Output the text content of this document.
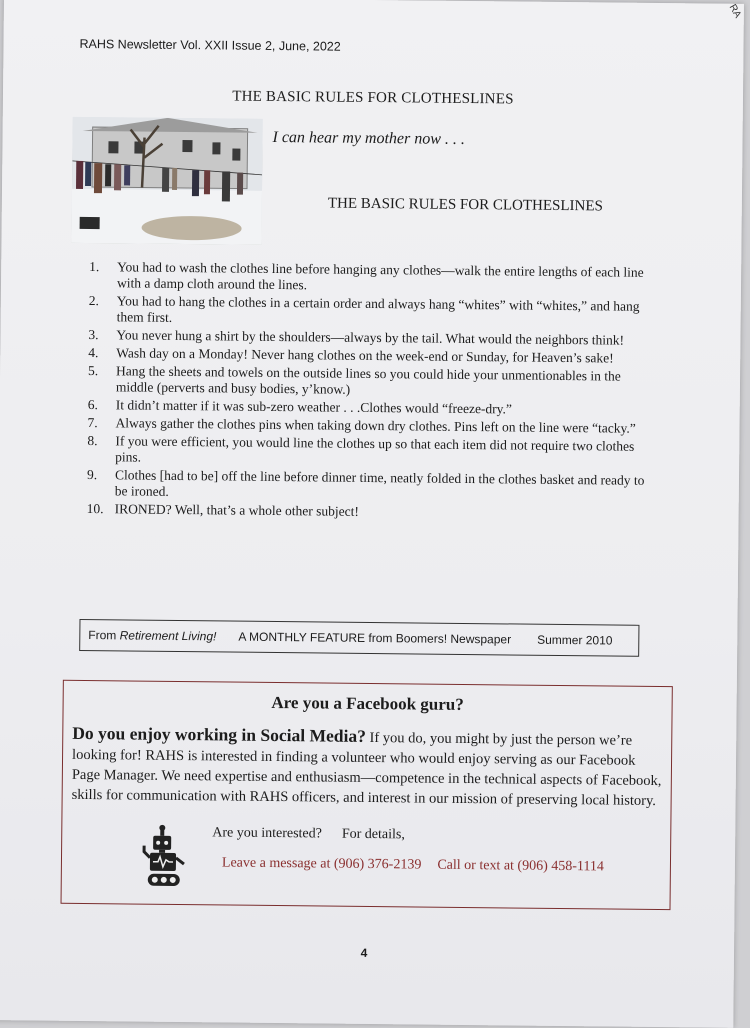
RA
RAHS Newsletter Vol. XXII Issue 2, June, 2022
THE BASIC RULES FOR CLOTHESLINES
I can hear my mother now . . .
THE BASIC RULES FOR CLOTHESLINES
1.	You had to wash the clothes line before hanging any clothes—walk the entire lengths of each line with a damp cloth around the lines.
2.	You had to hang the clothes in a certain order and always hang “whites” with “whites,” and hang them first.
3.	You never hung a shirt by the shoulders—always by the tail. What would the neighbors think!
4.	Wash day on a Monday! Never hang clothes on the week-end or Sunday, for Heaven’s sake!
5.	Hang the sheets and towels on the outside lines so you could hide your unmentionables in the middle (perverts and busy bodies, y’know.)
6.	It didn’t matter if it was sub-zero weather . . .Clothes would “freeze-dry.”
7.	Always gather the clothes pins when taking down dry clothes. Pins left on the line were “tacky.”
8.	If you were efficient, you would line the clothes up so that each item did not require two clothes pins.
9.	Clothes [had to be] off the line before dinner time, neatly folded in the clothes basket and ready to be ironed.
10. IRONED? Well, that’s a whole other subject!
From Retirement Living! A MONTHLY FEATURE from Boomers! Newspaper Summer 2010
Are you a Facebook guru?
Do you enjoy working in Social Media? If you do, you might by just the person we’re looking for! RAHS is interested in finding a volunteer who would enjoy serving as our Facebook Page Manager. We need expertise and enthusiasm—competence in the technical aspects of Facebook, skills for communication with RAHS officers, and interest in our mission of preserving local history.
Are you interested? For details,
Leave a message at (906) 376-2139 Call or text at (906) 458-1114
4
